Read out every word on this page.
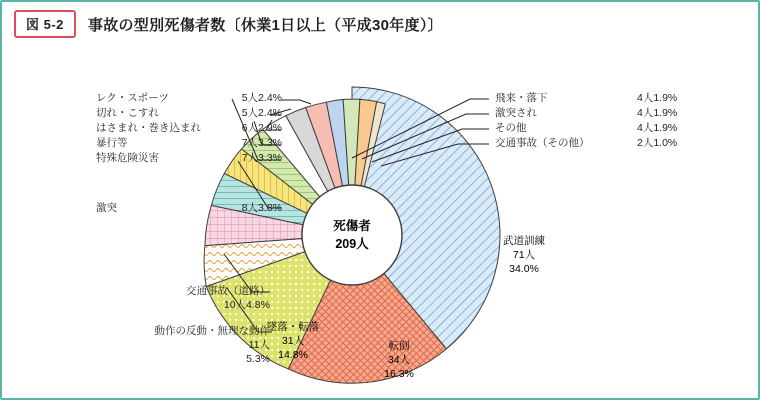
図 5-2	事故の型別死傷者数〔休業1日以上（平成30年度）〕
死傷者
209人	武道訓練
71人
34.0%
転倒
34人
16.3%
墜落・転落
31人
14.8%
レク・スポーツ	5人2.4%
切れ・こすれ	5人2.4%
はさまれ・巻き込まれ	6人2.9%
暴行等	7人3.3%
特殊危険災害	7人3.3%
激突	8人3.8%
交通事故（道路）
10人4.8%
動作の反動・無理な動作
11人
5.3%
飛来・落下	4人1.9%
激突され	4人1.9%
その他	4人1.9%
交通事故（その他）	2人1.0%
